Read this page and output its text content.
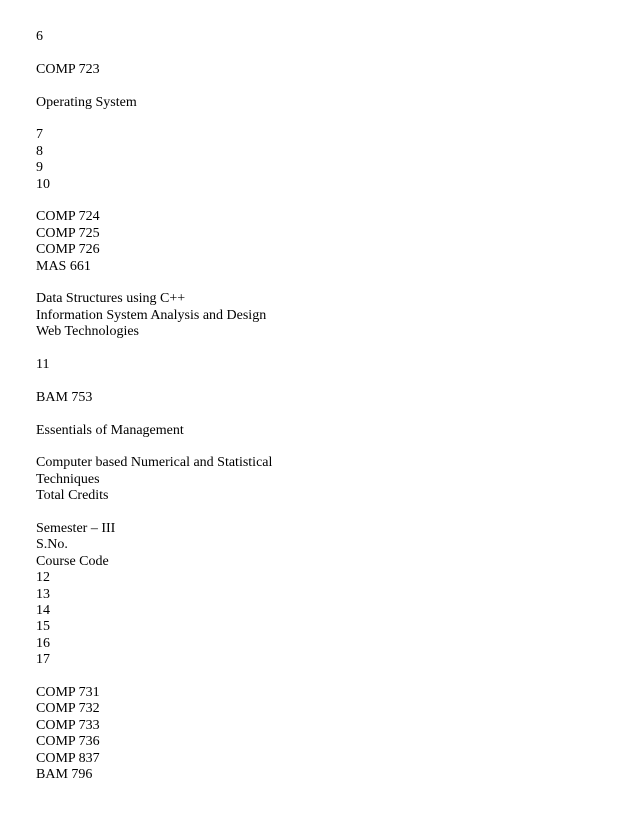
6
COMP 723
Operating System
7
8
9
10
COMP 724
COMP 725
COMP 726
MAS 661
Data Structures using C++
Information System Analysis and Design
Web Technologies
11
BAM 753
Essentials of Management
Computer based Numerical and Statistical
Techniques
Total Credits
Semester – III
S.No.
Course Code
12
13
14
15
16
17
COMP 731
COMP 732
COMP 733
COMP 736
COMP 837
BAM 796
